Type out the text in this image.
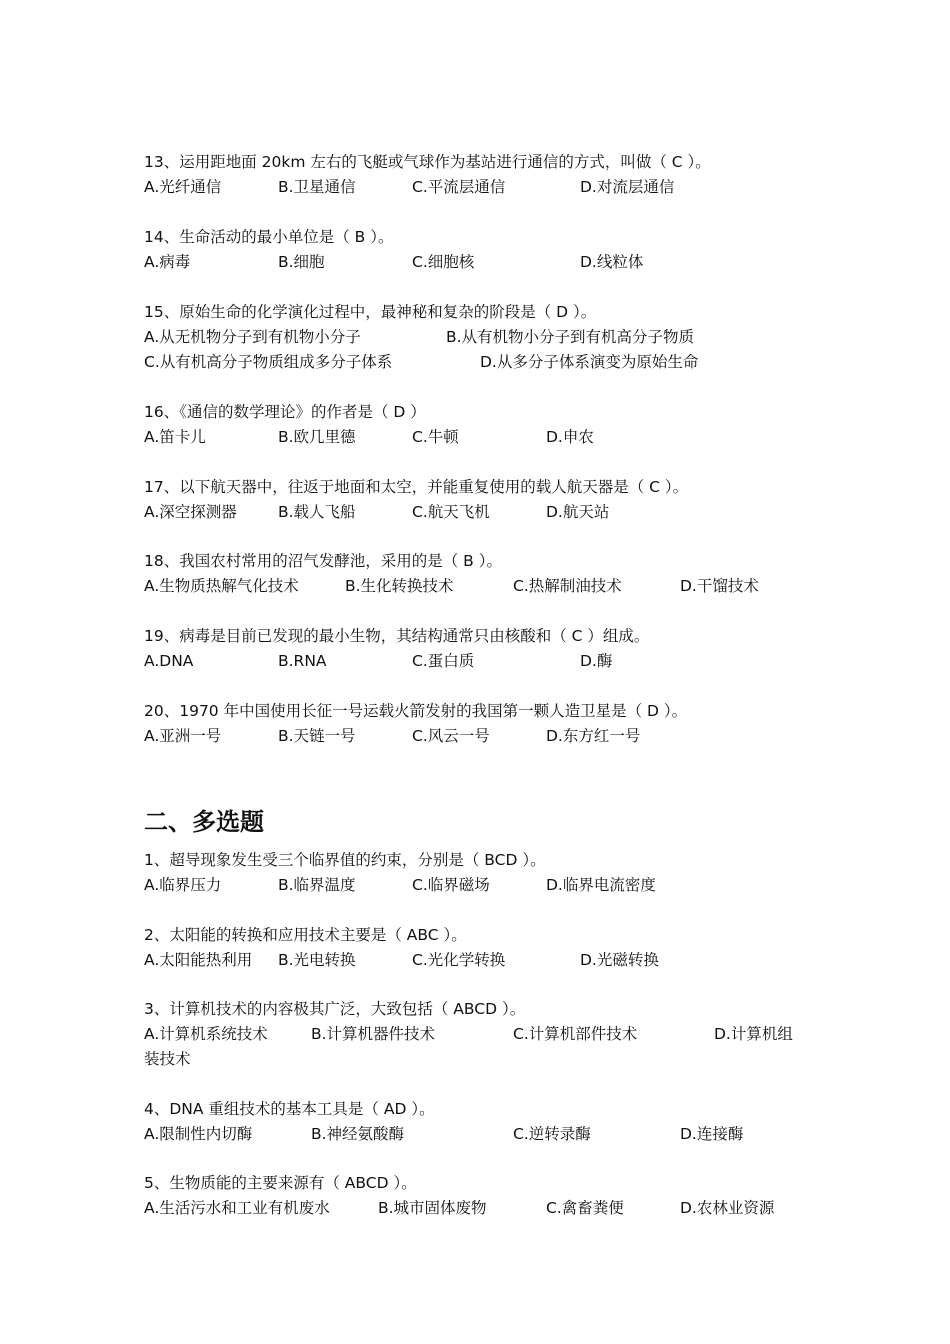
13、运用距地面 20km 左右的飞艇或气球作为基站进行通信的方式，叫做（ C ）。
A.光纤通信	B.卫星通信	C.平流层通信	D.对流层通信
14、生命活动的最小单位是（ B ）。
A.病毒	B.细胞	C.细胞核	D.线粒体
15、原始生命的化学演化过程中，最神秘和复杂的阶段是（ D ）。
A.从无机物分子到有机物小分子	B.从有机物小分子到有机高分子物质
C.从有机高分子物质组成多分子体系	D.从多分子体系演变为原始生命
16、《通信的数学理论》的作者是（ D ）
A.笛卡儿	B.欧几里德	C.牛顿	D.申农
17、以下航天器中，往返于地面和太空，并能重复使用的载人航天器是（ C ）。
A.深空探测器	B.载人飞船	C.航天飞机	D.航天站
18、我国农村常用的沼气发酵池，采用的是（ B ）。
A.生物质热解气化技术	B.生化转换技术	C.热解制油技术	D.干馏技术
19、病毒是目前已发现的最小生物，其结构通常只由核酸和（ C ）组成。
A.DNA	B.RNA	C.蛋白质	D.酶
20、1970 年中国使用长征一号运载火箭发射的我国第一颗人造卫星是（ D ）。
A.亚洲一号	B.天链一号	C.风云一号	D.东方红一号
二、多选题
1、超导现象发生受三个临界值的约束，分别是（ BCD ）。
A.临界压力	B.临界温度	C.临界磁场	D.临界电流密度
2、太阳能的转换和应用技术主要是（ ABC ）。
A.太阳能热利用 B.光电转换	C.光化学转换	D.光磁转换
3、计算机技术的内容极其广泛，大致包括（ ABCD ）。
A.计算机系统技术	B.计算机器件技术	C.计算机部件技术	D.计算机组
装技术
4、DNA 重组技术的基本工具是（ AD ）。
A.限制性内切酶	B.神经氨酸酶	C.逆转录酶	D.连接酶
5、生物质能的主要来源有（ ABCD ）。
A.生活污水和工业有机废水	B.城市固体废物	C.禽畜粪便	D.农林业资源
